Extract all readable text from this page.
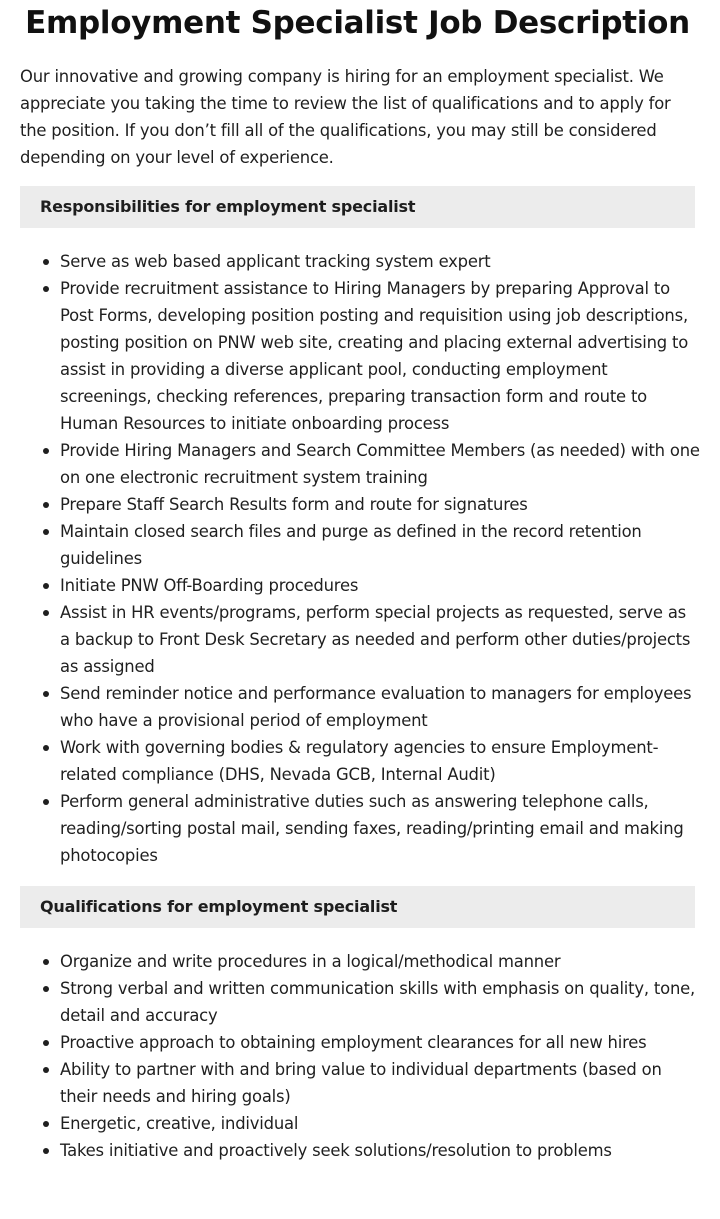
Employment Specialist Job Description

Our innovative and growing company is hiring for an employment specialist. We appreciate you taking the time to review the list of qualifications and to apply for the position. If you don’t fill all of the qualifications, you may still be considered depending on your level of experience.

Responsibilities for employment specialist
Serve as web based applicant tracking system expert
Provide recruitment assistance to Hiring Managers by preparing Approval to Post Forms, developing position posting and requisition using job descriptions, posting position on PNW web site, creating and placing external advertising to assist in providing a diverse applicant pool, conducting employment screenings, checking references, preparing transaction form and route to Human Resources to initiate onboarding process
Provide Hiring Managers and Search Committee Members (as needed) with one on one electronic recruitment system training
Prepare Staff Search Results form and route for signatures
Maintain closed search files and purge as defined in the record retention guidelines
Initiate PNW Off-Boarding procedures
Assist in HR events/programs, perform special projects as requested, serve as a backup to Front Desk Secretary as needed and perform other duties/projects as assigned
Send reminder notice and performance evaluation to managers for employees who have a provisional period of employment
Work with governing bodies & regulatory agencies to ensure Employment-related compliance (DHS, Nevada GCB, Internal Audit)
Perform general administrative duties such as answering telephone calls, reading/sorting postal mail, sending faxes, reading/printing email and making photocopies
Qualifications for employment specialist
Organize and write procedures in a logical/methodical manner
Strong verbal and written communication skills with emphasis on quality, tone, detail and accuracy
Proactive approach to obtaining employment clearances for all new hires
Ability to partner with and bring value to individual departments (based on their needs and hiring goals)
Energetic, creative, individual
Takes initiative and proactively seek solutions/resolution to problems
